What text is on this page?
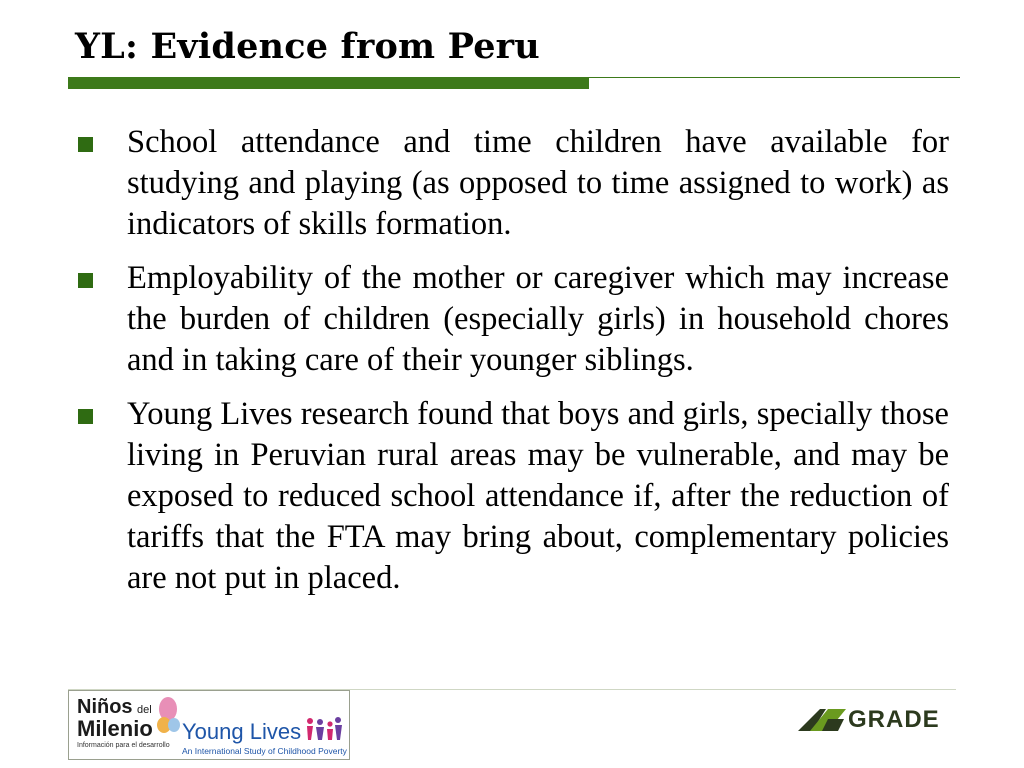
YL: Evidence from Peru
School attendance and time children have available for studying and playing (as opposed to time assigned to work) as indicators of skills formation.
Employability of the mother or caregiver which may increase the burden of children (especially girls) in household chores and in taking care of their younger siblings.
Young Lives research found that boys and girls, specially those living in Peruvian rural areas may be vulnerable, and may be exposed to reduced school attendance if, after the reduction of tariffs that the FTA may bring about, complementary policies are not put in placed.
Niños del
Milenio
Información para el desarrollo
Young Lives
An International Study of Childhood Poverty
GRADE
